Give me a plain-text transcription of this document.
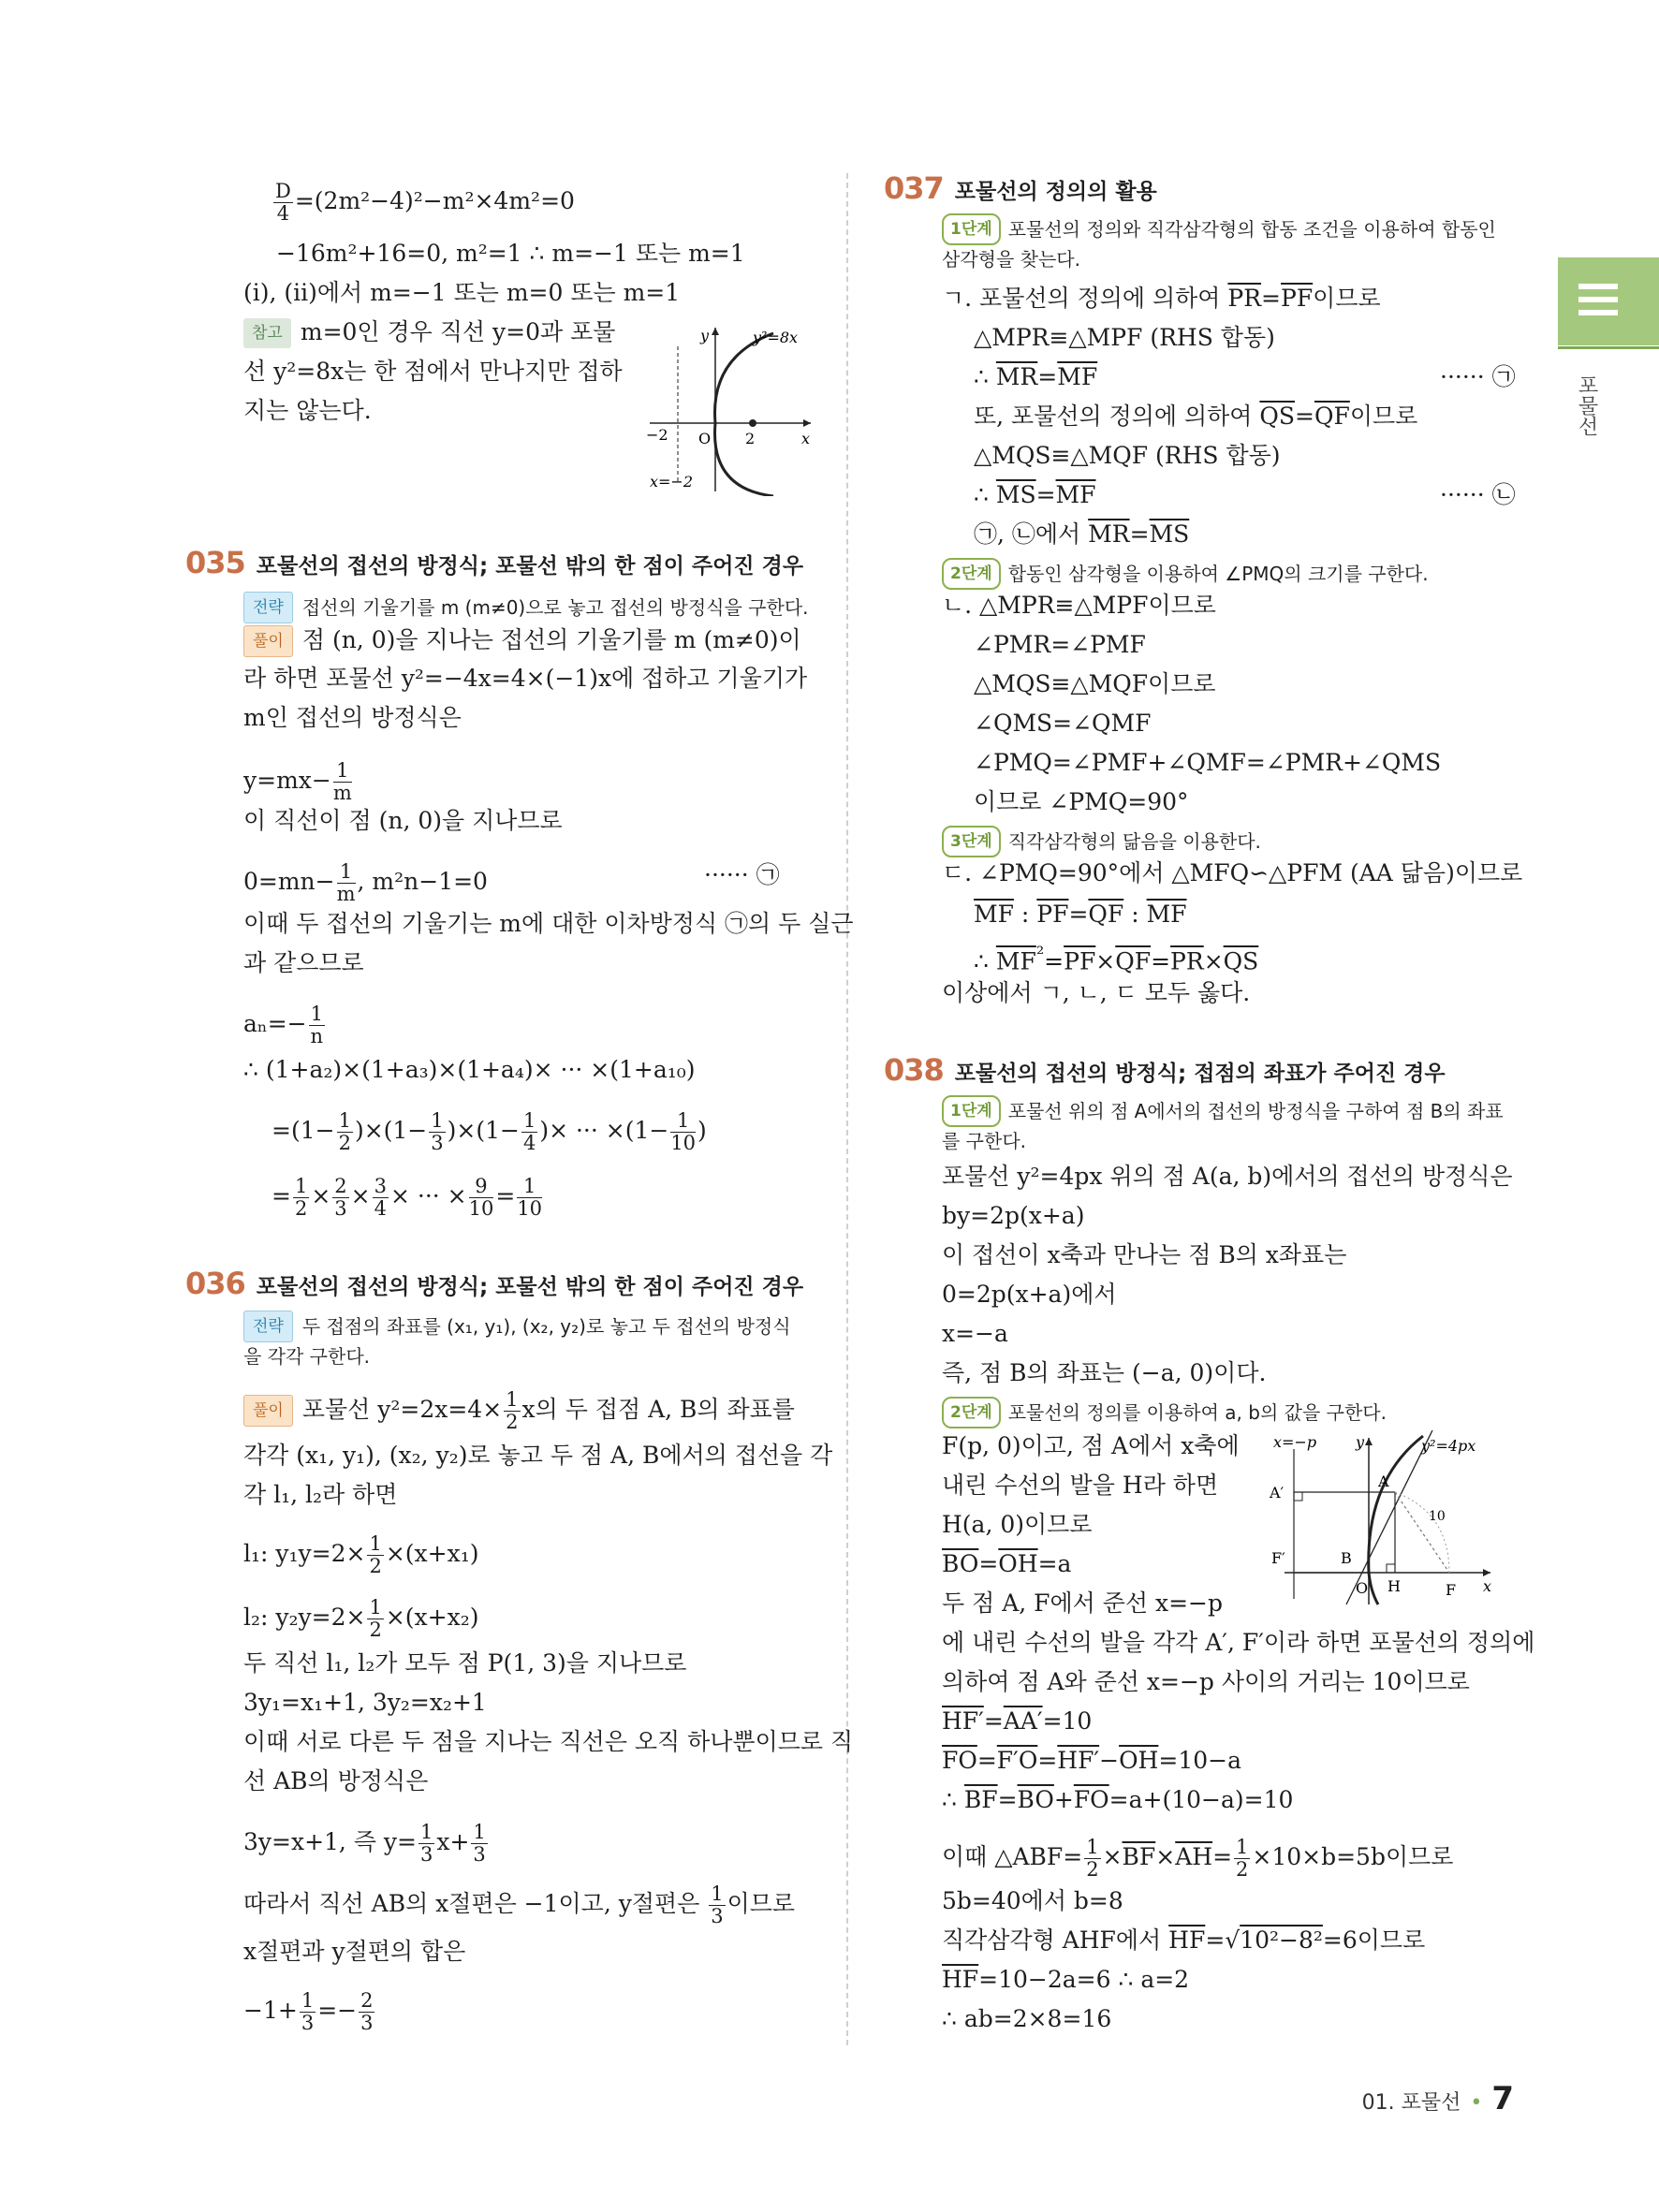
포물선
$\frac{D}{4} =(2m^2-4)^2-m^2\times 4m^2=0$
−16m²+16=0, m²=1 ∴ m=−1 또는 m=1
(i), (ii)에서 m=−1 또는 m=0 또는 m=1
참고 m=0인 경우 직선 y=0과 포물
선 y²=8x는 한 점에서 만나지만 접하
지는 않는다.
y	y²=8x
x
O
−2	2
x=−2
035 포물선의 접선의 방정식; 포물선 밖의 한 점이 주어진 경우
전략 접선의 기울기를 m (m≠0)으로 놓고 접선의 방정식을 구한다.
풀이 점 (n, 0)을 지나는 접선의 기울기를 m (m≠0)이
라 하면 포물선 y²=−4x=4×(−1)x에 접하고 기울기가
m인 접선의 방정식은
$y=mx- \frac{1}{m}$
이 직선이 점 (n, 0)을 지나므로
$0=mn- \frac{1}{m}$ , m²n−1=0	······ ㉠
이때 두 접선의 기울기는 m에 대한 이차방정식 ㉠의 두 실근
과 같으므로
$a_n=- \frac{1}{n}$
∴ (1+a₂)×(1+a₃)×(1+a₄)× ··· ×(1+a₁₀)
$=(1- \frac{1}{2} )\times(1- \frac{1}{3} )\times(1- \frac{1}{4}$ )× ··· $\times(1- \frac{1}{10}$ )
= $\frac{1}{2} \times \frac{2}{3} \times \frac{3}{4}$ × ··· × $\frac{9}{10} = \frac{1}{10}$
036 포물선의 접선의 방정식; 포물선 밖의 한 점이 주어진 경우
전략 두 접점의 좌표를 (x₁, y₁), (x₂, y₂)로 놓고 두 접선의 방정식
을 각각 구한다.
풀이 포물선 $y^2=2x=4\times \frac{1}{2}$ x의 두 접점 A, B의 좌표를
각각 (x₁, y₁), (x₂, y₂)로 놓고 두 점 A, B에서의 접선을 각
각 l₁, l₂라 하면
l₁: $y_1y=2\times \frac{1}{2} \times(x+x_1)$
l₂: $y_2y=2\times \frac{1}{2} \times(x+x_2)$
두 직선 l₁, l₂가 모두 점 P(1, 3)을 지나므로
3y₁=x₁+1, 3y₂=x₂+1
이때 서로 다른 두 점을 지나는 직선은 오직 하나뿐이므로 직
선 AB의 방정식은
3y=x+1, 즉 $y= \frac{1}{3} x+ \frac{1}{3}$
따라서 직선 AB의 x절편은 −1이고, y절편은 $\frac{1}{3}$ 이므로
x절편과 y절편의 합은
$-1+ \frac{1}{3} =- \frac{2}{3}$
037 포물선의 정의의 활용
1단계 포물선의 정의와 직각삼각형의 합동 조건을 이용하여 합동인
삼각형을 찾는다.
ㄱ. 포물선의 정의에 의하여 $\overline{PR}=\overline{PF}$이므로
△MPR≡△MPF (RHS 합동)
∴ $\overline{MR}=\overline{MF}$	······ ㉠
또, 포물선의 정의에 의하여 $\overline{QS}=\overline{QF}$이므로
△MQS≡△MQF (RHS 합동)
∴ $\overline{MS}=\overline{MF}$	······ ㉡
㉠, ㉡에서 $\overline{MR}=\overline{MS}$
2단계 합동인 삼각형을 이용하여 ∠PMQ의 크기를 구한다.
ㄴ. △MPR≡△MPF이므로
∠PMR=∠PMF
△MQS≡△MQF이므로
∠QMS=∠QMF
∠PMQ=∠PMF+∠QMF=∠PMR+∠QMS
이므로 ∠PMQ=90°
3단계 직각삼각형의 닮음을 이용한다.
ㄷ. ∠PMQ=90°에서 △MFQ∽△PFM (AA 닮음)이므로
$\overline{MF}$ : $\overline{PF}=\overline{QF}$ : $\overline{MF}$
∴ $\overline{MF}^{^2}=\overline{PF}\times\overline{QF}=\overline{PR}\times\overline{QS}$
이상에서 ㄱ, ㄴ, ㄷ 모두 옳다.
038 포물선의 접선의 방정식; 접점의 좌표가 주어진 경우
1단계 포물선 위의 점 A에서의 접선의 방정식을 구하여 점 B의 좌표
를 구한다.
포물선 y²=4px 위의 점 A(a, b)에서의 접선의 방정식은
by=2p(x+a)
이 접선이 x축과 만나는 점 B의 x좌표는
0=2p(x+a)에서
x=−a
즉, 점 B의 좌표는 (−a, 0)이다.
2단계 포물선의 정의를 이용하여 a, b의 값을 구한다.
F(p, 0)이고, 점 A에서 x축에
내린 수선의 발을 H라 하면
H(a, 0)이므로
$\overline{BO}=\overline{OH}=a$
두 점 A, F에서 준선 x=−p
x=−p	y	y²=4px
A′
A
10
F′	B
O H	F x
에 내린 수선의 발을 각각 A′, F′이라 하면 포물선의 정의에
의하여 점 A와 준선 x=−p 사이의 거리는 10이므로
HF′=AA′=10
$\overline{FO}=F'O=HF'-\overline{OH}=10-a$
∴ $\overline{BF}=\overline{BO}+\overline{FO}=a+(10-a)=10$
이때 △ABF= $\frac{1}{2} \times\overline{BF}\times\overline{AH}= \frac{1}{2} \times 10\times b=5b$이므로
5b=40에서 b=8
직각삼각형 AHF에서 $\overline{HF}=√10^2-8^2=6$이므로
$\overline{HF}=10-2a=6$ ∴ a=2
∴ ab=2×8=16
01. 포물선 • 7
